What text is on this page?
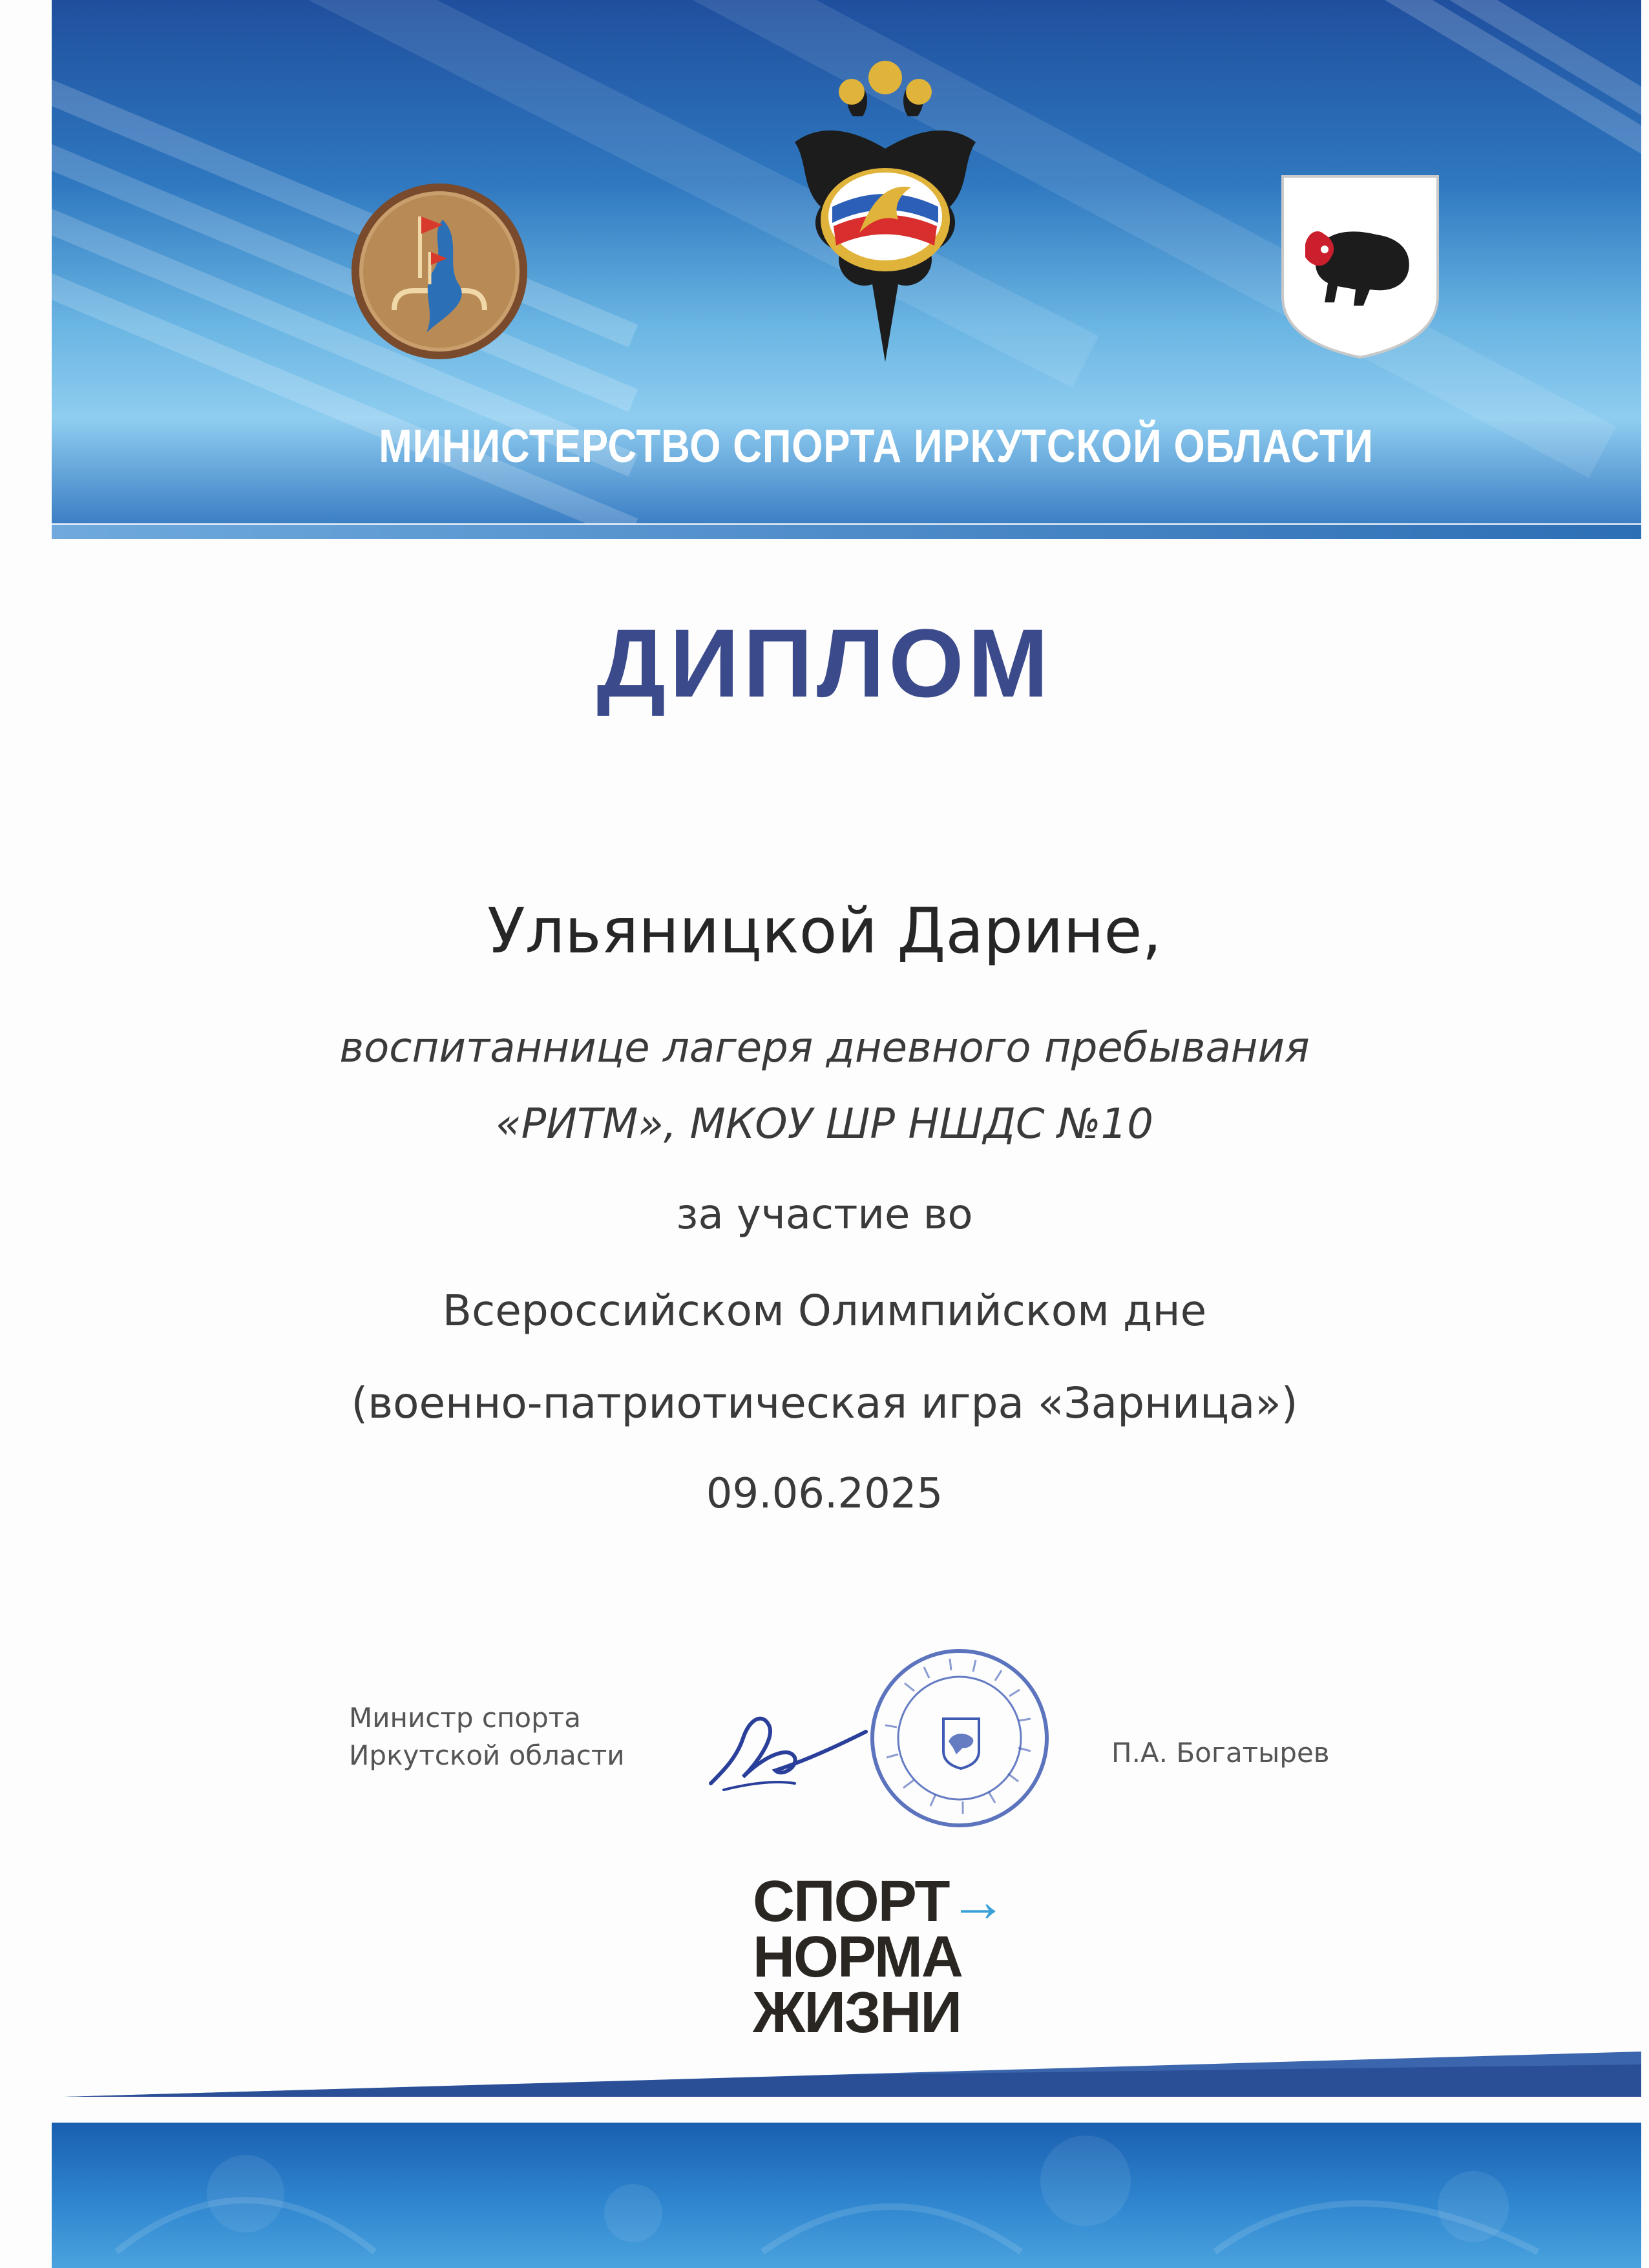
МИНИСТЕРСТВО СПОРТА ИРКУТСКОЙ ОБЛАСТИ
ДИПЛОМ
Ульяницкой Дарине,
воспитаннице лагеря дневного пребывания
«РИТМ», МКОУ ШР НШДС №10
за участие во
Всероссийском Олимпийском дне
(военно-патриотическая игра «Зарница»)
09.06.2025
Министр спорта
Иркутской области	П.А. Богатырев
СПОРТ→
НОРМА
ЖИЗНИ
